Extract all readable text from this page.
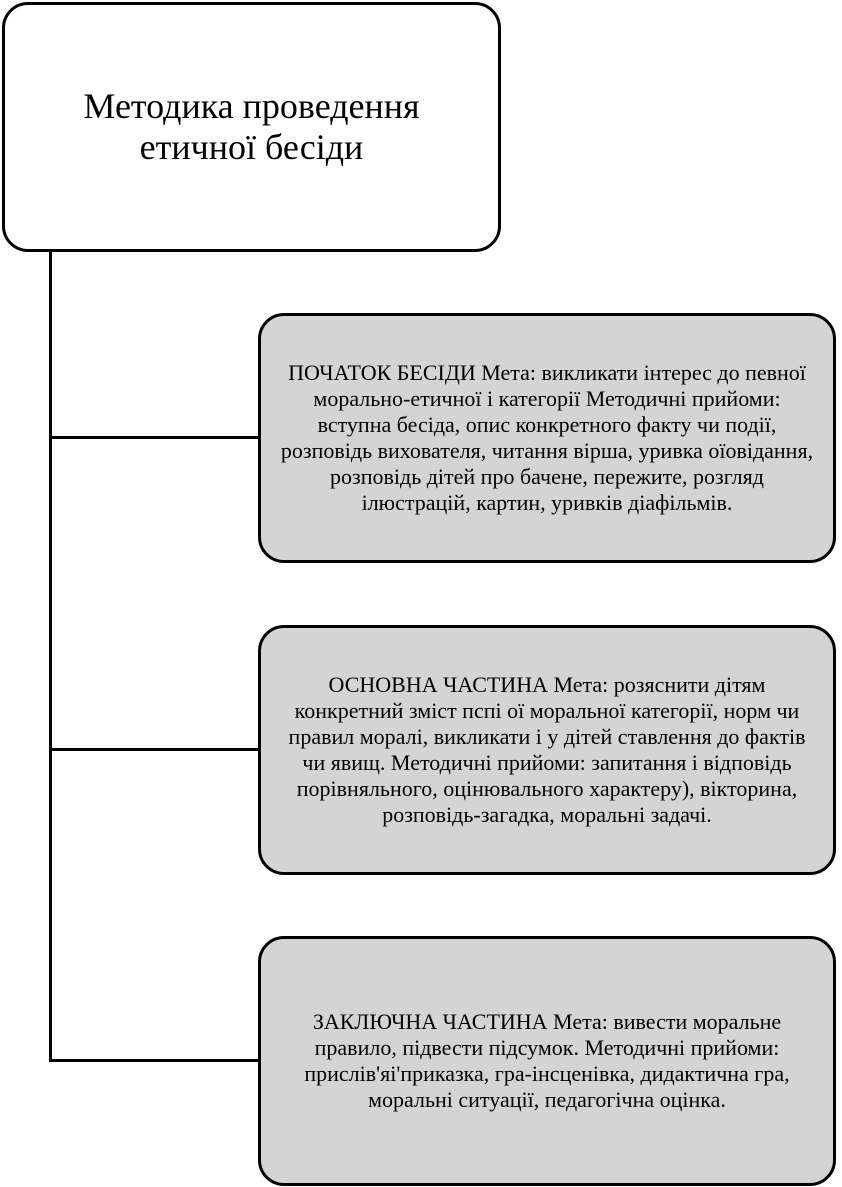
Методика проведення етичної бесіди
ПОЧАТОК БЕСІДИ Мета: викликати інтерес до певної морально-етичної і категорії Методичні прийоми: вступна бесіда, опис конкретного факту чи події, розповідь вихователя, читання вірша, уривка оїовідання, розповідь дітей про бачене, пережите, розгляд ілюстрацій, картин, уривків діафільмів.
ОСНОВНА ЧАСТИНА Мета: розяснити дітям конкретний зміст пспі ої моральної категорії, норм чи правил моралі, викликати і у дітей ставлення до фактів чи явищ. Методичні прийоми: запитання і відповідь порівняльного, оцінювального характеру), вікторина, розповідь-загадка, моральні задачі.
ЗАКЛЮЧНА ЧАСТИНА Мета: вивести моральне правило, підвести підсумок. Методичні прийоми: прислів'яі'приказка, гра-інсценівка, дидактична гра, моральні ситуації, педагогічна оцінка.
